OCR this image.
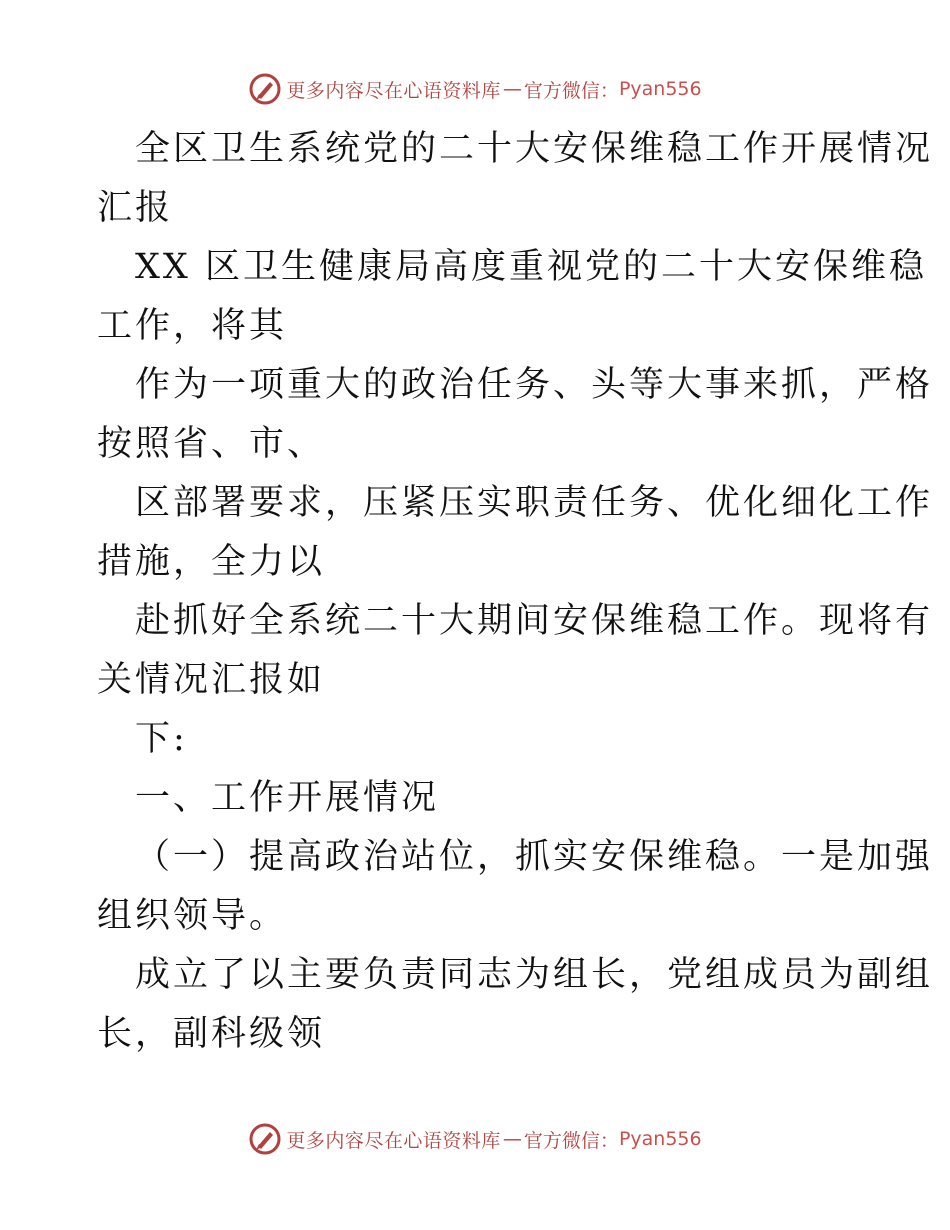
更多内容尽在心语资料库 — 官方微信： Pyan556
全区卫生系统党的二十大安保维稳工作开展情况
汇报
XX 区卫生健康局高度重视党的二十大安保维稳
工作，将其
作为一项重大的政治任务、头等大事来抓，严格
按照省、市、
区部署要求，压紧压实职责任务、优化细化工作
措施，全力以
赴抓好全系统二十大期间安保维稳工作。现将有
关情况汇报如
下:
一、工作开展情况
（一）提高政治站位，抓实安保维稳。一是加强
组织领导。
成立了以主要负责同志为组长，党组成员为副组
长，副科级领
更多内容尽在心语资料库 — 官方微信： Pyan556
